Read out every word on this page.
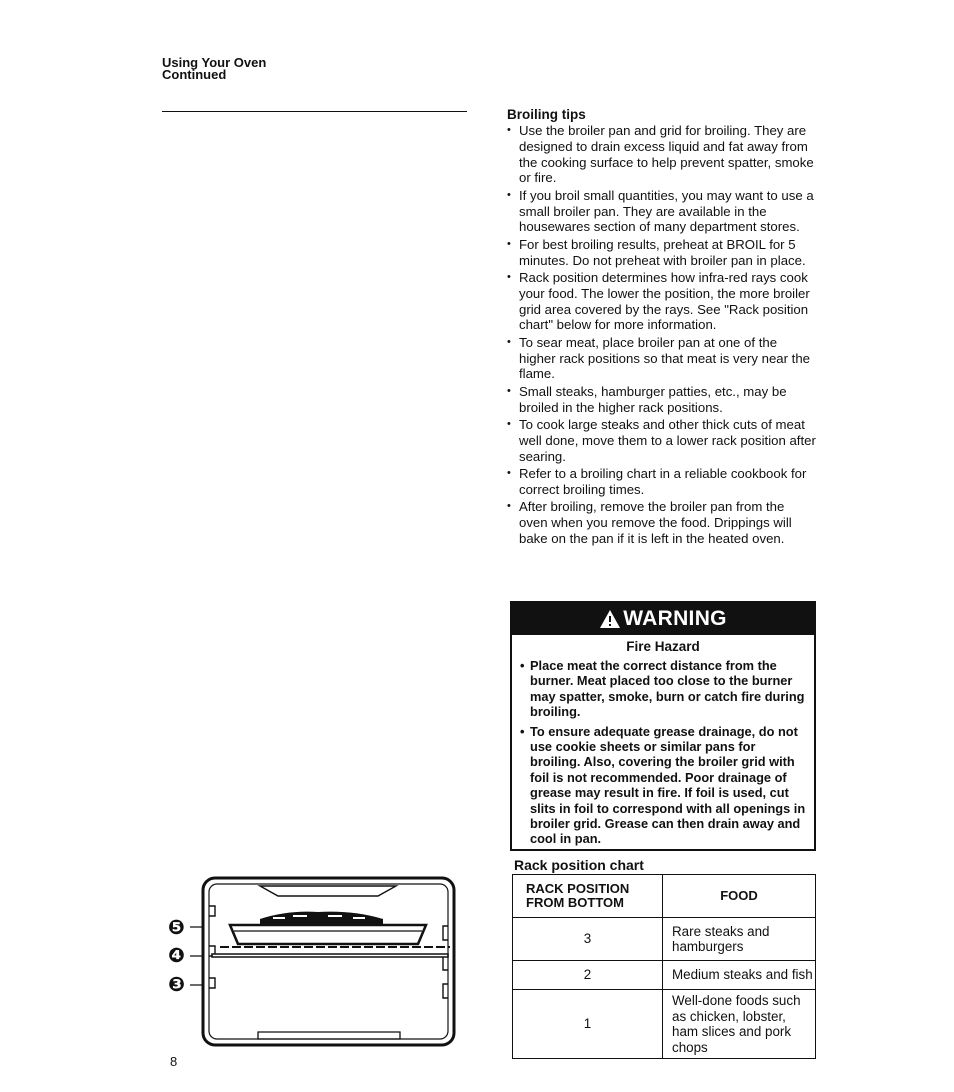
Using Your Oven
Continued
Broiling tips
• Use the broiler pan and grid for broiling. They are designed to drain excess liquid and fat away from the cooking surface to help prevent spatter, smoke or fire.
• If you broil small quantities, you may want to use a small broiler pan. They are available in the housewares section of many department stores.
• For best broiling results, preheat at BROIL for 5 minutes. Do not preheat with broiler pan in place.
• Rack position determines how infra-red rays cook your food. The lower the position, the more broiler grid area covered by the rays. See "Rack position chart" below for more information.
• To sear meat, place broiler pan at one of the higher rack positions so that meat is very near the flame.
• Small steaks, hamburger patties, etc., may be broiled in the higher rack positions.
• To cook large steaks and other thick cuts of meat well done, move them to a lower rack position after searing.
• Refer to a broiling chart in a reliable cookbook for correct broiling times.
• After broiling, remove the broiler pan from the oven when you remove the food. Drippings will bake on the pan if it is left in the heated oven.
WARNING
Fire Hazard
• Place meat the correct distance from the burner. Meat placed too close to the burner may spatter, smoke, burn or catch fire during broiling.
• To ensure adequate grease drainage, do not use cookie sheets or similar pans for broiling. Also, covering the broiler grid with foil is not recommended. Poor drainage of grease may result in fire. If foil is used, cut slits in foil to correspond with all openings in broiler grid. Grease can then drain away and cool in pan.
Rack position chart
RACK POSITION
FROM BOTTOM	FOOD
3	Rare steaks and hamburgers
2	Medium steaks and fish
1	Well-done foods such as chicken, lobster, ham slices and pork chops
❺
❹
❸
8
